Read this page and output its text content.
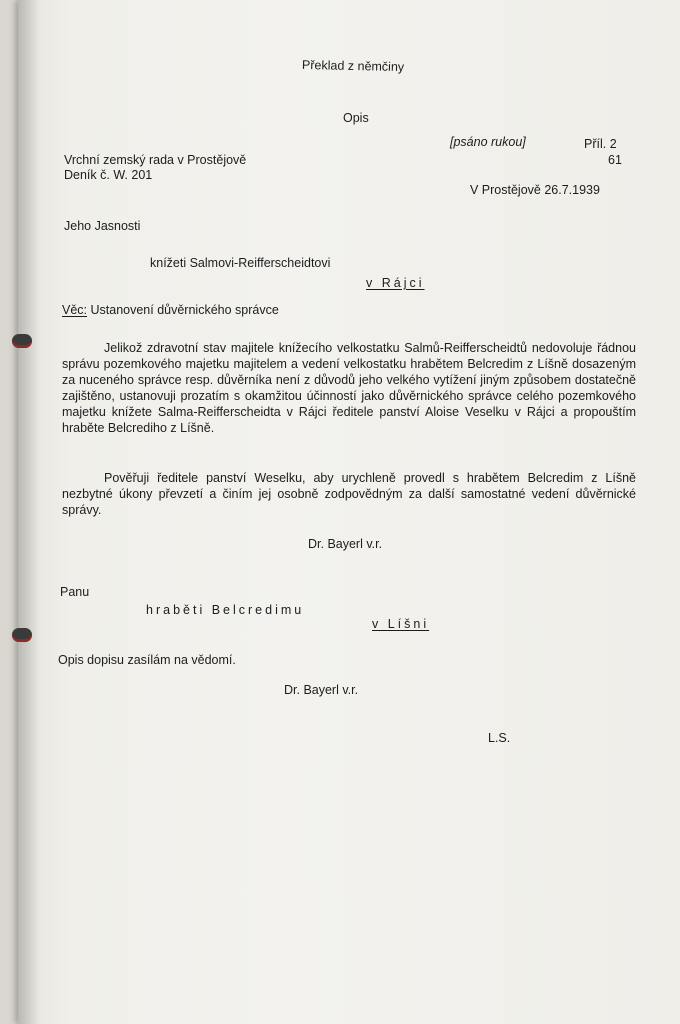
Překlad z němčiny
Opis
[psáno rukou]	Příl. 2
61
Vrchní zemský rada v Prostějově
Deník č. W. 201
V Prostějově 26.7.1939
Jeho Jasnosti
knížeti Salmovi-Reifferscheidtovi
v Rájci
Věc: Ustanovení důvěrnického správce
Jelikož zdravotní stav majitele knížecího velkostatku Salmů-Reifferscheidtů nedovoluje řádnou správu pozemkového majetku majitelem a vedení velkostatku hrabětem Belcredim z Líšně dosazeným za nuceného správce resp. důvěrníka není z důvodů jeho velkého vytížení jiným způsobem dostatečně zajištěno, ustanovuji prozatím s okamžitou účinností jako důvěrnického správce celého pozemkového majetku knížete Salma-Reifferscheidta v Rájci ředitele panství Aloise Veselku v Rájci a propouštím hraběte Belcrediho z Líšně.
Pověřuji ředitele panství Weselku, aby urychleně provedl s hrabětem Belcredim z Líšně nezbytné úkony převzetí a činím jej osobně zodpovědným za další samostatné vedení důvěrnické správy.
Dr. Bayerl v.r.
Panu
hraběti Belcredimu
v Líšni
Opis dopisu zasílám na vědomí.
Dr. Bayerl v.r.
L.S.
